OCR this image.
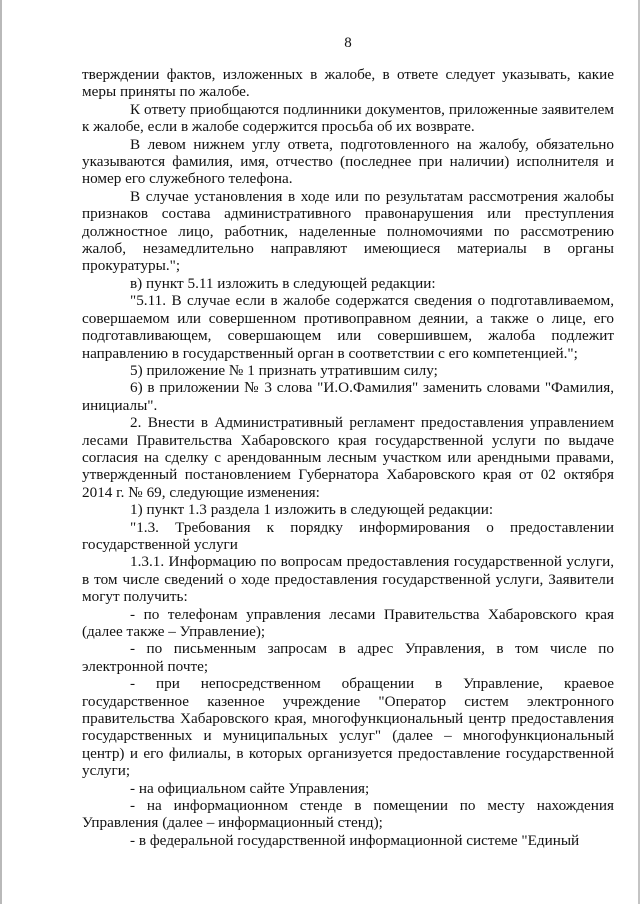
8

тверждении фактов, изложенных в жалобе, в ответе следует указывать, какие меры приняты по жалобе.

К ответу приобщаются подлинники документов, приложенные заявителем к жалобе, если в жалобе содержится просьба об их возврате.

В левом нижнем углу ответа, подготовленного на жалобу, обязательно указываются фамилия, имя, отчество (последнее при наличии) исполнителя и номер его служебного телефона.

В случае установления в ходе или по результатам рассмотрения жалобы признаков состава административного правонарушения или преступления должностное лицо, работник, наделенные полномочиями по рассмотрению жалоб, незамедлительно направляют имеющиеся материалы в органы прокуратуры.";

в) пункт 5.11 изложить в следующей редакции:

"5.11. В случае если в жалобе содержатся сведения о подготавливаемом, совершаемом или совершенном противоправном деянии, а также о лице, его подготавливающем, совершающем или совершившем, жалоба подлежит направлению в государственный орган в соответствии с его компетенцией.";

5) приложение № 1 признать утратившим силу;

6) в приложении № 3 слова "И.О.Фамилия" заменить словами "Фамилия, инициалы".

2. Внести в Административный регламент предоставления управлением лесами Правительства Хабаровского края государственной услуги по выдаче согласия на сделку с арендованным лесным участком или арендными правами, утвержденный постановлением Губернатора Хабаровского края от 02 октября 2014 г. № 69, следующие изменения:

1) пункт 1.3 раздела 1 изложить в следующей редакции:

"1.3. Требования к порядку информирования о предоставлении государственной услуги

1.3.1. Информацию по вопросам предоставления государственной услуги, в том числе сведений о ходе предоставления государственной услуги, Заявители могут получить:

- по телефонам управления лесами Правительства Хабаровского края (далее также – Управление);

- по письменным запросам в адрес Управления, в том числе по электронной почте;

- при непосредственном обращении в Управление, краевое государственное казенное учреждение "Оператор систем электронного правительства Хабаровского края, многофункциональный центр предоставления государственных и муниципальных услуг" (далее – многофункциональный центр) и его филиалы, в которых организуется предоставление государственной услуги;

- на официальном сайте Управления;

- на информационном стенде в помещении по месту нахождения Управления (далее – информационный стенд);

- в федеральной государственной информационной системе "Единый
